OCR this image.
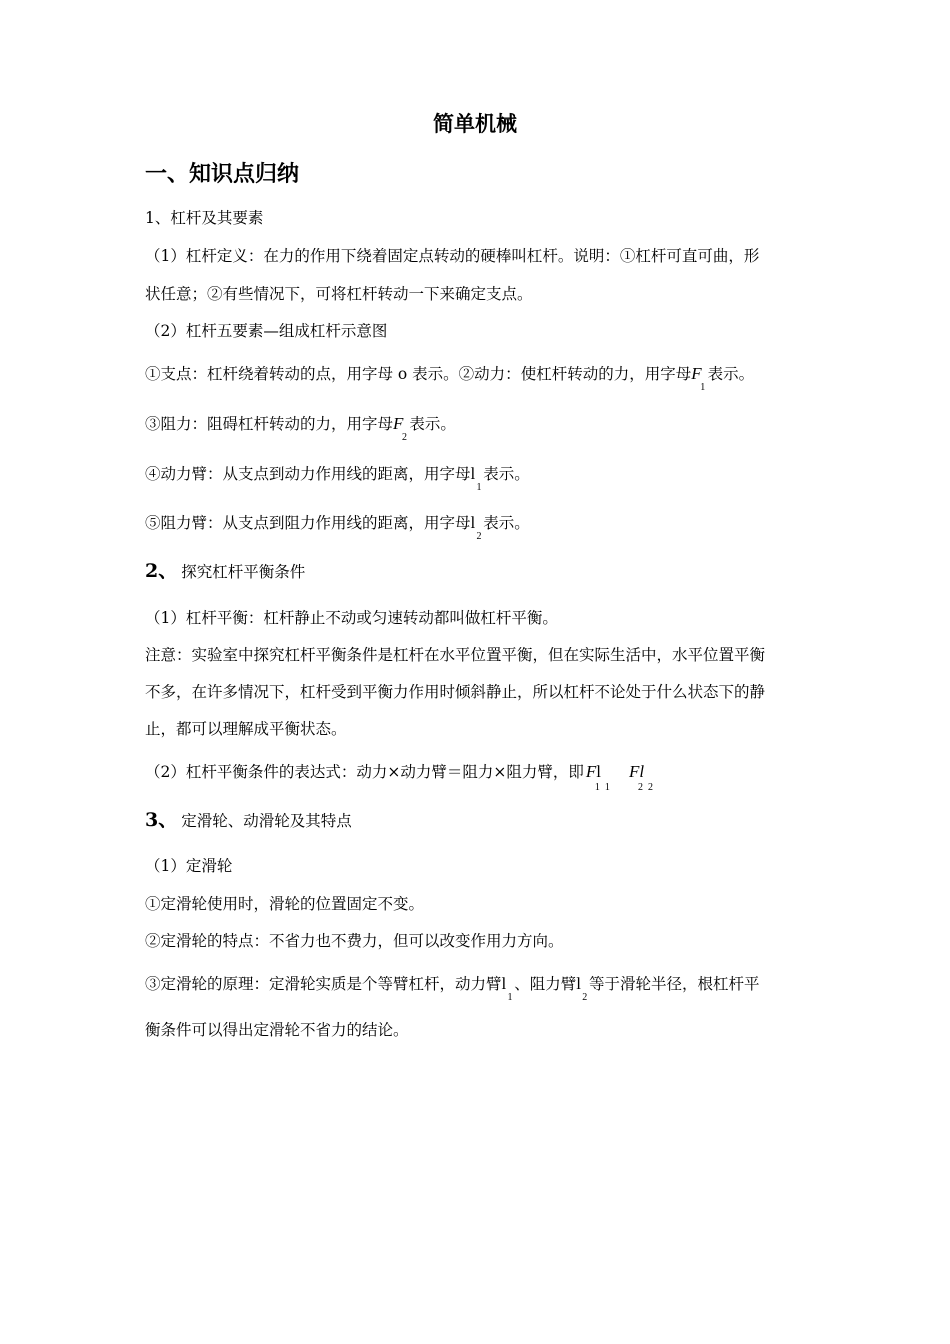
简单机械
一、知识点归纳
1、杠杆及其要素
（1）杠杆定义：在力的作用下绕着固定点转动的硬棒叫杠杆。说明：①杠杆可直可曲，形
状任意；②有些情况下，可将杠杆转动一下来确定支点。
（2）杠杆五要素—组成杠杆示意图
①支点：杠杆绕着转动的点，用字母 o 表示。②动力：使杠杆转动的力，用字母F
1
表示。
③阻力：阻碍杠杆转动的力，用字母F
2
表示。
④动力臂：从支点到动力作用线的距离，用字母l
1
表示。
⑤阻力臂：从支点到阻力作用线的距离，用字母l
2
表示。
2、 探究杠杆平衡条件
（1）杠杆平衡：杠杆静止不动或匀速转动都叫做杠杆平衡。
注意：实验室中探究杠杆平衡条件是杠杆在水平位置平衡，但在实际生活中，水平位置平衡
不多，在许多情况下，杠杆受到平衡力作用时倾斜静止，所以杠杆不论处于什么状态下的静
止，都可以理解成平衡状态。
（2）杠杆平衡条件的表达式：动力×动力臂＝阻力×阻力臂，即 Fl
1 1
Fl
2 2
3、 定滑轮、动滑轮及其特点
（1）定滑轮
①定滑轮使用时，滑轮的位置固定不变。
②定滑轮的特点：不省力也不费力，但可以改变作用力方向。
③定滑轮的原理：定滑轮实质是个等臂杠杆，动力臂l
1
、阻力臂l
2
等于滑轮半径，根杠杆平
衡条件可以得出定滑轮不省力的结论。
